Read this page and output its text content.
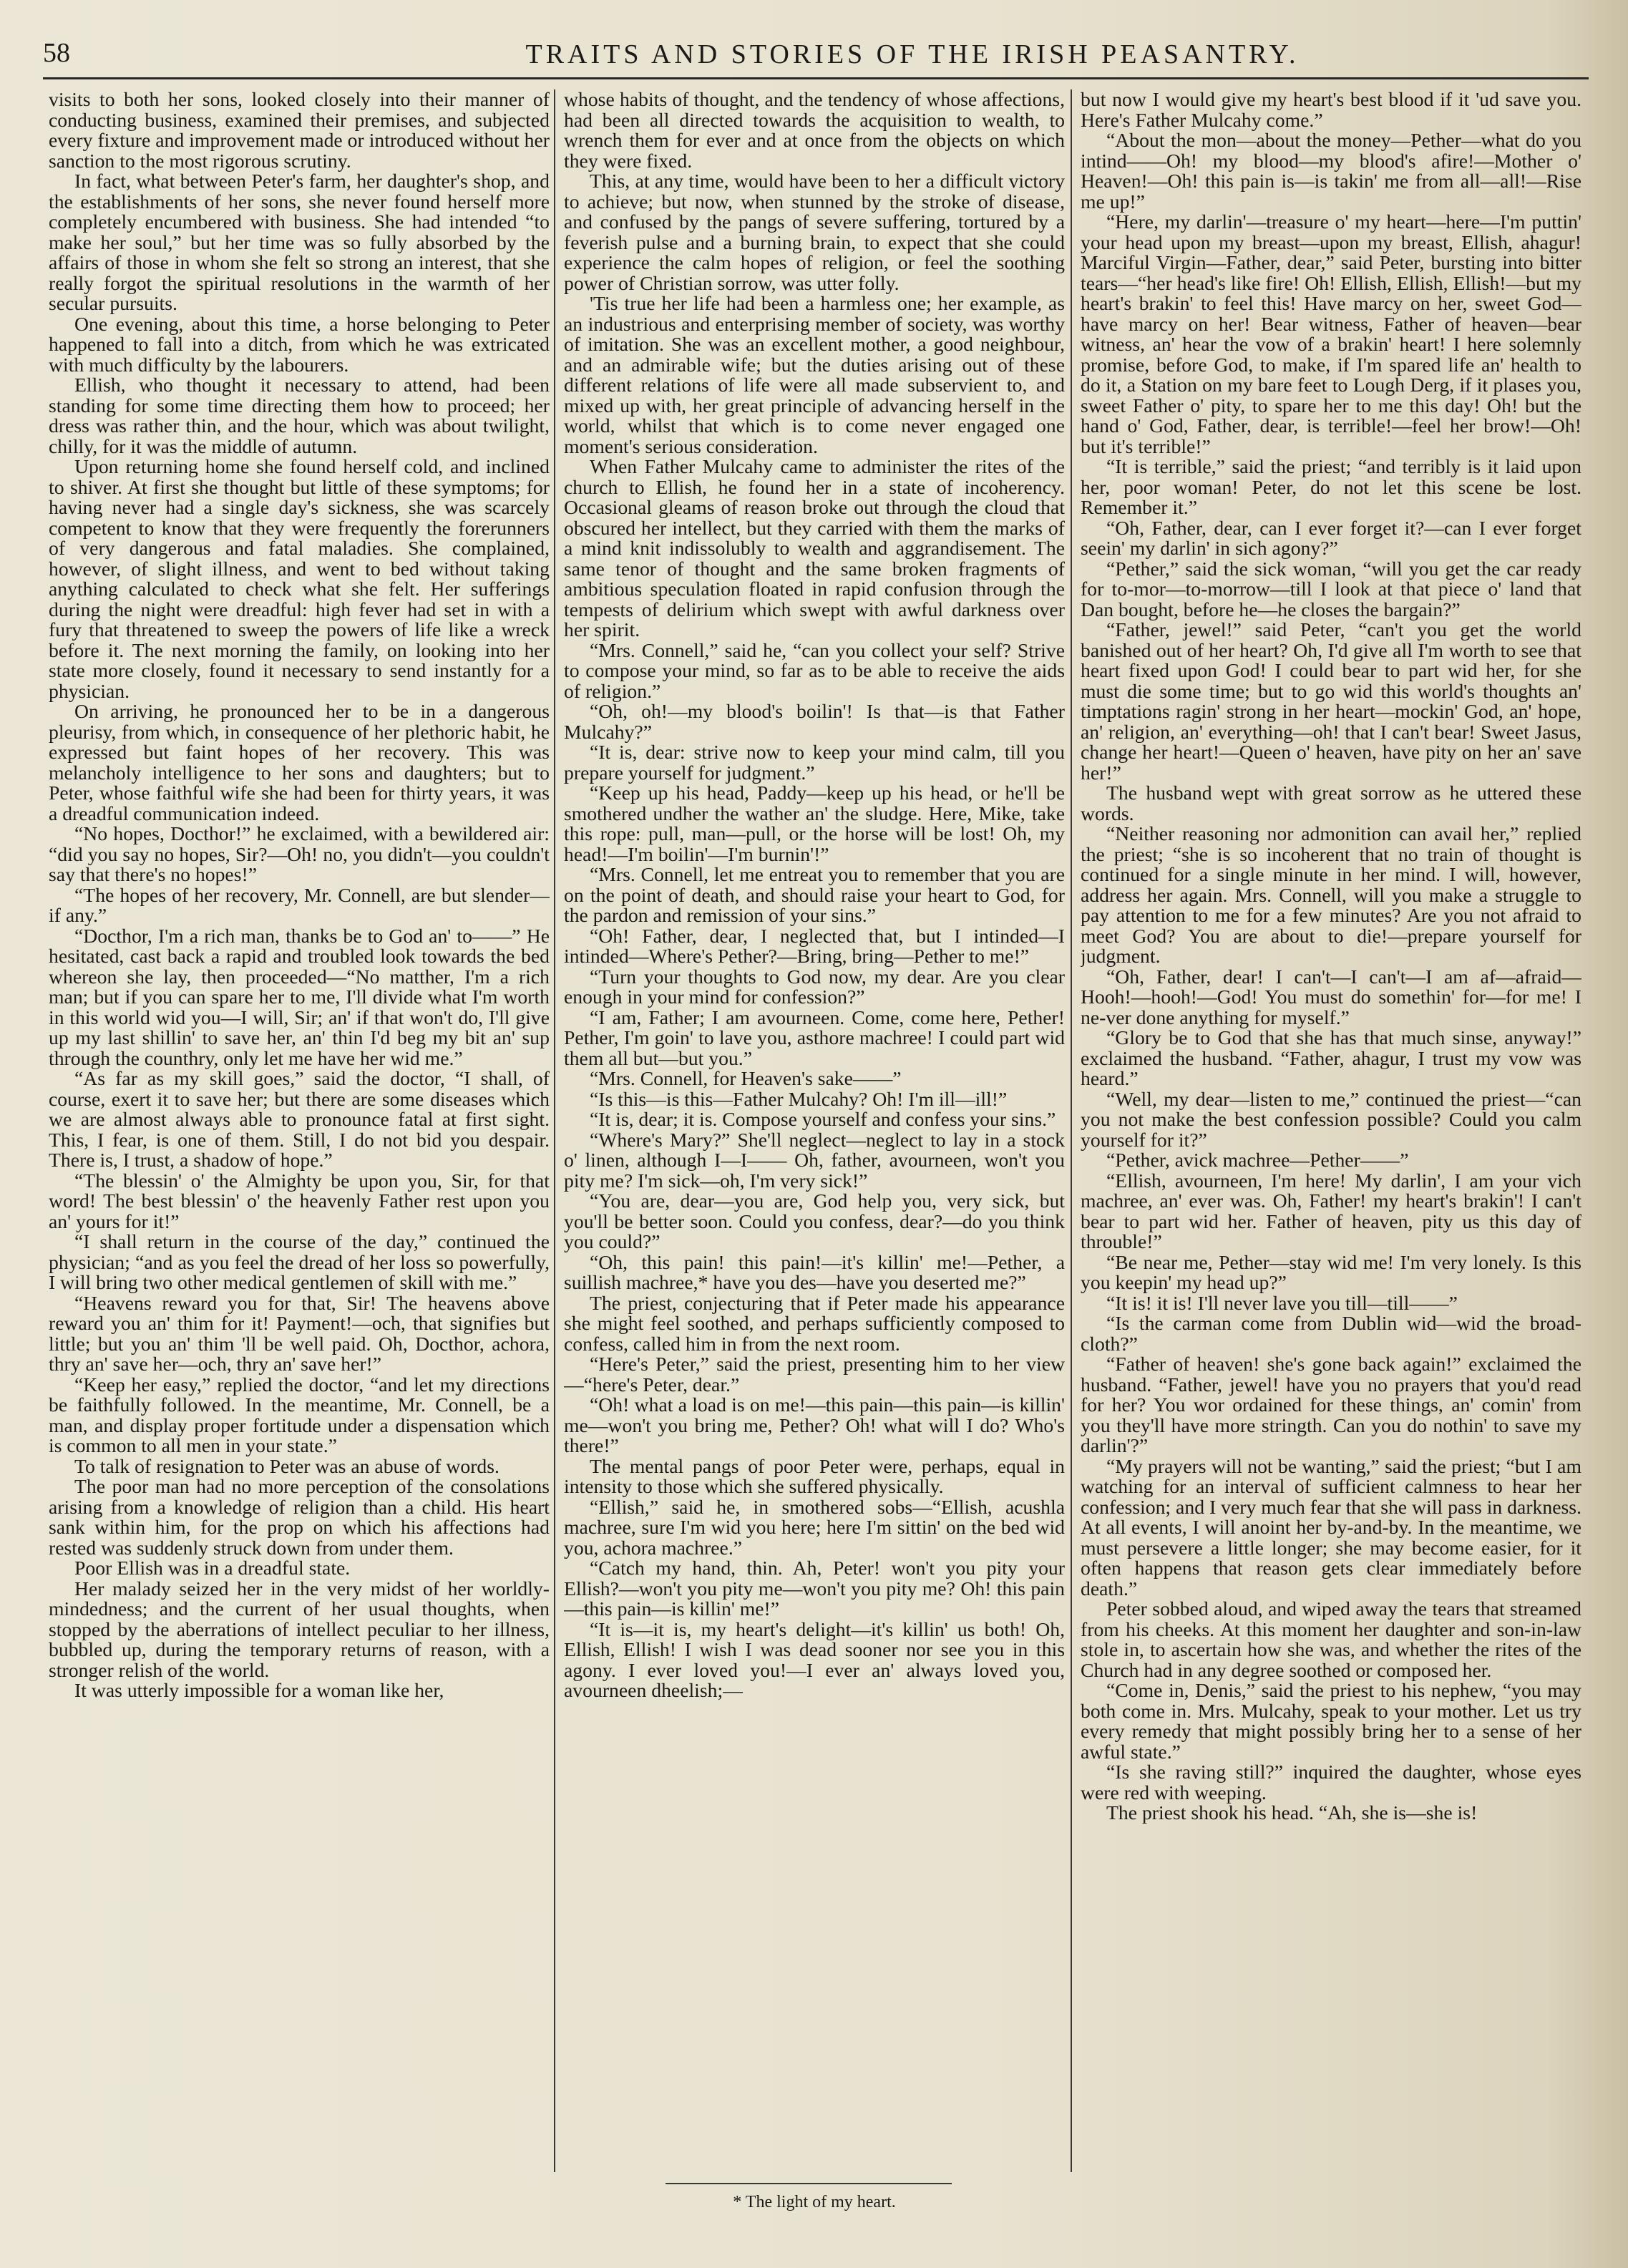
58	TRAITS AND STORIES OF THE IRISH PEASANTRY.

visits to both her sons, looked closely into their manner of conducting business, examined their premises, and subjected every fixture and improvement made or introduced without her sanction to the most rigorous scrutiny.

In fact, what between Peter's farm, her daughter's shop, and the establishments of her sons, she never found herself more completely encumbered with business. She had intended “to make her soul,” but her time was so fully absorbed by the affairs of those in whom she felt so strong an interest, that she really forgot the spiritual resolutions in the warmth of her secular pursuits.

One evening, about this time, a horse belonging to Peter happened to fall into a ditch, from which he was extricated with much difficulty by the labourers.

Ellish, who thought it necessary to attend, had been standing for some time directing them how to proceed; her dress was rather thin, and the hour, which was about twilight, chilly, for it was the middle of autumn.

Upon returning home she found herself cold, and inclined to shiver. At first she thought but little of these symptoms; for having never had a single day's sickness, she was scarcely competent to know that they were frequently the forerunners of very dangerous and fatal maladies. She complained, however, of slight illness, and went to bed without taking anything calculated to check what she felt. Her sufferings during the night were dreadful: high fever had set in with a fury that threatened to sweep the powers of life like a wreck before it. The next morning the family, on looking into her state more closely, found it necessary to send instantly for a physician.

On arriving, he pronounced her to be in a dangerous pleurisy, from which, in consequence of her plethoric habit, he expressed but faint hopes of her recovery. This was melancholy intelligence to her sons and daughters; but to Peter, whose faithful wife she had been for thirty years, it was a dreadful communication indeed.

“No hopes, Docthor!” he exclaimed, with a bewildered air: “did you say no hopes, Sir?—Oh! no, you didn't—you couldn't say that there's no hopes!”

“The hopes of her recovery, Mr. Connell, are but slender—if any.”

“Docthor, I'm a rich man, thanks be to God an' to——” He hesitated, cast back a rapid and troubled look towards the bed whereon she lay, then proceeded—“No matther, I'm a rich man; but if you can spare her to me, I'll divide what I'm worth in this world wid you—I will, Sir; an' if that won't do, I'll give up my last shillin' to save her, an' thin I'd beg my bit an' sup through the counthry, only let me have her wid me.”

“As far as my skill goes,” said the doctor, “I shall, of course, exert it to save her; but there are some diseases which we are almost always able to pronounce fatal at first sight. This, I fear, is one of them. Still, I do not bid you despair. There is, I trust, a shadow of hope.”

“The blessin' o' the Almighty be upon you, Sir, for that word! The best blessin' o' the heavenly Father rest upon you an' yours for it!”

“I shall return in the course of the day,” continued the physician; “and as you feel the dread of her loss so powerfully, I will bring two other medical gentlemen of skill with me.”

“Heavens reward you for that, Sir! The heavens above reward you an' thim for it! Payment!—och, that signifies but little; but you an' thim 'll be well paid. Oh, Docthor, achora, thry an' save her—och, thry an' save her!”

“Keep her easy,” replied the doctor, “and let my directions be faithfully followed. In the meantime, Mr. Connell, be a man, and display proper fortitude under a dispensation which is common to all men in your state.”

To talk of resignation to Peter was an abuse of words.

The poor man had no more perception of the consolations arising from a knowledge of religion than a child. His heart sank within him, for the prop on which his affections had rested was suddenly struck down from under them.

Poor Ellish was in a dreadful state.

Her malady seized her in the very midst of her worldly-mindedness; and the current of her usual thoughts, when stopped by the aberrations of intellect peculiar to her illness, bubbled up, during the temporary returns of reason, with a stronger relish of the world.

It was utterly impossible for a woman like her,

whose habits of thought, and the tendency of whose affections, had been all directed towards the acquisition to wealth, to wrench them for ever and at once from the objects on which they were fixed.

This, at any time, would have been to her a difficult victory to achieve; but now, when stunned by the stroke of disease, and confused by the pangs of severe suffering, tortured by a feverish pulse and a burning brain, to expect that she could experience the calm hopes of religion, or feel the soothing power of Christian sorrow, was utter folly.

'Tis true her life had been a harmless one; her example, as an industrious and enterprising member of society, was worthy of imitation. She was an excellent mother, a good neighbour, and an admirable wife; but the duties arising out of these different relations of life were all made subservient to, and mixed up with, her great principle of advancing herself in the world, whilst that which is to come never engaged one moment's serious consideration.

When Father Mulcahy came to administer the rites of the church to Ellish, he found her in a state of incoherency. Occasional gleams of reason broke out through the cloud that obscured her intellect, but they carried with them the marks of a mind knit indissolubly to wealth and aggrandisement. The same tenor of thought and the same broken fragments of ambitious speculation floated in rapid confusion through the tempests of delirium which swept with awful darkness over her spirit.

“Mrs. Connell,” said he, “can you collect your self? Strive to compose your mind, so far as to be able to receive the aids of religion.”

“Oh, oh!—my blood's boilin'! Is that—is that Father Mulcahy?”

“It is, dear: strive now to keep your mind calm, till you prepare yourself for judgment.”

“Keep up his head, Paddy—keep up his head, or he'll be smothered undher the wather an' the sludge. Here, Mike, take this rope: pull, man—pull, or the horse will be lost! Oh, my head!—I'm boilin'—I'm burnin'!”

“Mrs. Connell, let me entreat you to remember that you are on the point of death, and should raise your heart to God, for the pardon and remission of your sins.”

“Oh! Father, dear, I neglected that, but I intinded—I intinded—Where's Pether?—Bring, bring—Pether to me!”

“Turn your thoughts to God now, my dear. Are you clear enough in your mind for confession?”

“I am, Father; I am avourneen. Come, come here, Pether! Pether, I'm goin' to lave you, asthore machree! I could part wid them all but—but you.”

“Mrs. Connell, for Heaven's sake——”

“Is this—is this—Father Mulcahy? Oh! I'm ill—ill!”

“It is, dear; it is. Compose yourself and confess your sins.”

“Where's Mary?” She'll neglect—neglect to lay in a stock o' linen, although I—I—— Oh, father, avourneen, won't you pity me? I'm sick—oh, I'm very sick!”

“You are, dear—you are, God help you, very sick, but you'll be better soon. Could you confess, dear?—do you think you could?”

“Oh, this pain! this pain!—it's killin' me!—Pether, a suillish machree,* have you des—have you deserted me?”

The priest, conjecturing that if Peter made his appearance she might feel soothed, and perhaps sufficiently composed to confess, called him in from the next room.

“Here's Peter,” said the priest, presenting him to her view—“here's Peter, dear.”

“Oh! what a load is on me!—this pain—this pain—is killin' me—won't you bring me, Pether? Oh! what will I do? Who's there!”

The mental pangs of poor Peter were, perhaps, equal in intensity to those which she suffered physically.

“Ellish,” said he, in smothered sobs—“Ellish, acushla machree, sure I'm wid you here; here I'm sittin' on the bed wid you, achora machree.”

“Catch my hand, thin. Ah, Peter! won't you pity your Ellish?—won't you pity me—won't you pity me? Oh! this pain—this pain—is killin' me!”

“It is—it is, my heart's delight—it's killin' us both! Oh, Ellish, Ellish! I wish I was dead sooner nor see you in this agony. I ever loved you!—I ever an' always loved you, avourneen dheelish;—

but now I would give my heart's best blood if it 'ud save you. Here's Father Mulcahy come.”

“About the mon—about the money—Pether—what do you intind——Oh! my blood—my blood's afire!—Mother o' Heaven!—Oh! this pain is—is takin' me from all—all!—Rise me up!”

“Here, my darlin'—treasure o' my heart—here—I'm puttin' your head upon my breast—upon my breast, Ellish, ahagur! Marciful Virgin—Father, dear,” said Peter, bursting into bitter tears—“her head's like fire! Oh! Ellish, Ellish, Ellish!—but my heart's brakin' to feel this! Have marcy on her, sweet God—have marcy on her! Bear witness, Father of heaven—bear witness, an' hear the vow of a brakin' heart! I here solemnly promise, before God, to make, if I'm spared life an' health to do it, a Station on my bare feet to Lough Derg, if it plases you, sweet Father o' pity, to spare her to me this day! Oh! but the hand o' God, Father, dear, is terrible!—feel her brow!—Oh! but it's terrible!”

“It is terrible,” said the priest; “and terribly is it laid upon her, poor woman! Peter, do not let this scene be lost. Remember it.”

“Oh, Father, dear, can I ever forget it?—can I ever forget seein' my darlin' in sich agony?”

“Pether,” said the sick woman, “will you get the car ready for to-mor—to-morrow—till I look at that piece o' land that Dan bought, before he—he closes the bargain?”

“Father, jewel!” said Peter, “can't you get the world banished out of her heart? Oh, I'd give all I'm worth to see that heart fixed upon God! I could bear to part wid her, for she must die some time; but to go wid this world's thoughts an' timptations ragin' strong in her heart—mockin' God, an' hope, an' religion, an' everything—oh! that I can't bear! Sweet Jasus, change her heart!—Queen o' heaven, have pity on her an' save her!”

The husband wept with great sorrow as he uttered these words.

“Neither reasoning nor admonition can avail her,” replied the priest; “she is so incoherent that no train of thought is continued for a single minute in her mind. I will, however, address her again. Mrs. Connell, will you make a struggle to pay attention to me for a few minutes? Are you not afraid to meet God? You are about to die!—prepare yourself for judgment.

“Oh, Father, dear! I can't—I can't—I am af—afraid—Hooh!—hooh!—God! You must do somethin' for—for me! I ne-ver done anything for myself.”

“Glory be to God that she has that much sinse, anyway!” exclaimed the husband. “Father, ahagur, I trust my vow was heard.”

“Well, my dear—listen to me,” continued the priest—“can you not make the best confession possible? Could you calm yourself for it?”

“Pether, avick machree—Pether——”

“Ellish, avourneen, I'm here! My darlin', I am your vich machree, an' ever was. Oh, Father! my heart's brakin'! I can't bear to part wid her. Father of heaven, pity us this day of throuble!”

“Be near me, Pether—stay wid me! I'm very lonely. Is this you keepin' my head up?”

“It is! it is! I'll never lave you till—till——”

“Is the carman come from Dublin wid—wid the broad-cloth?”

“Father of heaven! she's gone back again!” exclaimed the husband. “Father, jewel! have you no prayers that you'd read for her? You wor ordained for these things, an' comin' from you they'll have more stringth. Can you do nothin' to save my darlin'?”

“My prayers will not be wanting,” said the priest; “but I am watching for an interval of sufficient calmness to hear her confession; and I very much fear that she will pass in darkness. At all events, I will anoint her by-and-by. In the meantime, we must persevere a little longer; she may become easier, for it often happens that reason gets clear immediately before death.”

Peter sobbed aloud, and wiped away the tears that streamed from his cheeks. At this moment her daughter and son-in-law stole in, to ascertain how she was, and whether the rites of the Church had in any degree soothed or composed her.

“Come in, Denis,” said the priest to his nephew, “you may both come in. Mrs. Mulcahy, speak to your mother. Let us try every remedy that might possibly bring her to a sense of her awful state.”

“Is she raving still?” inquired the daughter, whose eyes were red with weeping.

The priest shook his head. “Ah, she is—she is!

* The light of my heart.
